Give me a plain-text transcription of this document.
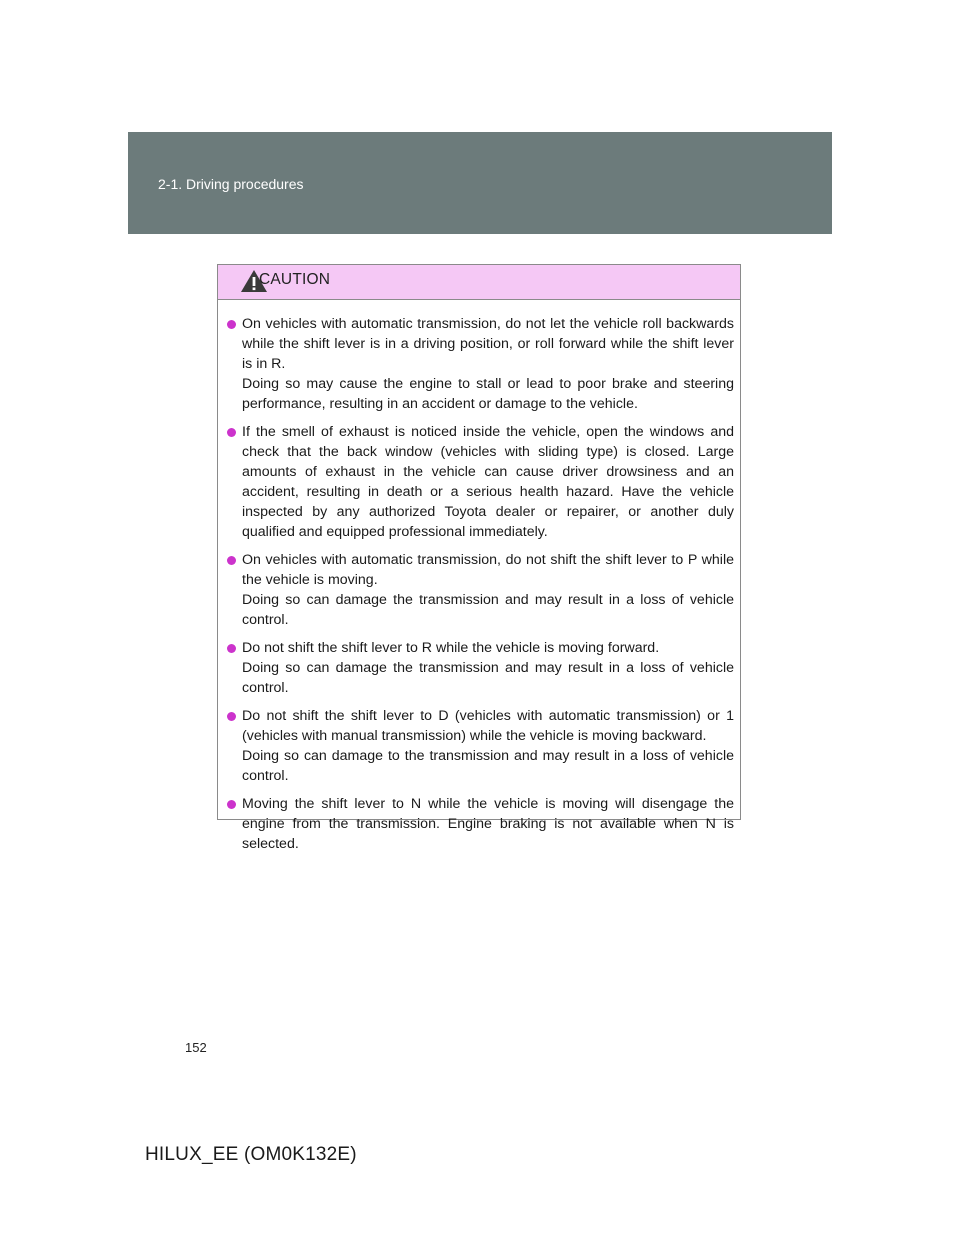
2-1. Driving procedures
CAUTION
On vehicles with automatic transmission, do not let the vehicle roll backwards while the shift lever is in a driving position, or roll forward while the shift lever is in R.
Doing so may cause the engine to stall or lead to poor brake and steering performance, resulting in an accident or damage to the vehicle.
If the smell of exhaust is noticed inside the vehicle, open the windows and check that the back window (vehicles with sliding type) is closed. Large amounts of exhaust in the vehicle can cause driver drowsiness and an accident, resulting in death or a serious health hazard. Have the vehicle inspected by any authorized Toyota dealer or repairer, or another duly qualified and equipped professional immediately.
On vehicles with automatic transmission, do not shift the shift lever to P while the vehicle is moving.
Doing so can damage the transmission and may result in a loss of vehicle control.
Do not shift the shift lever to R while the vehicle is moving forward.
Doing so can damage the transmission and may result in a loss of vehicle control.
Do not shift the shift lever to D (vehicles with automatic transmission) or 1 (vehicles with manual transmission) while the vehicle is moving backward.
Doing so can damage to the transmission and may result in a loss of vehicle control.
Moving the shift lever to N while the vehicle is moving will disengage the engine from the transmission. Engine braking is not available when N is selected.
152
HILUX_EE (OM0K132E)
